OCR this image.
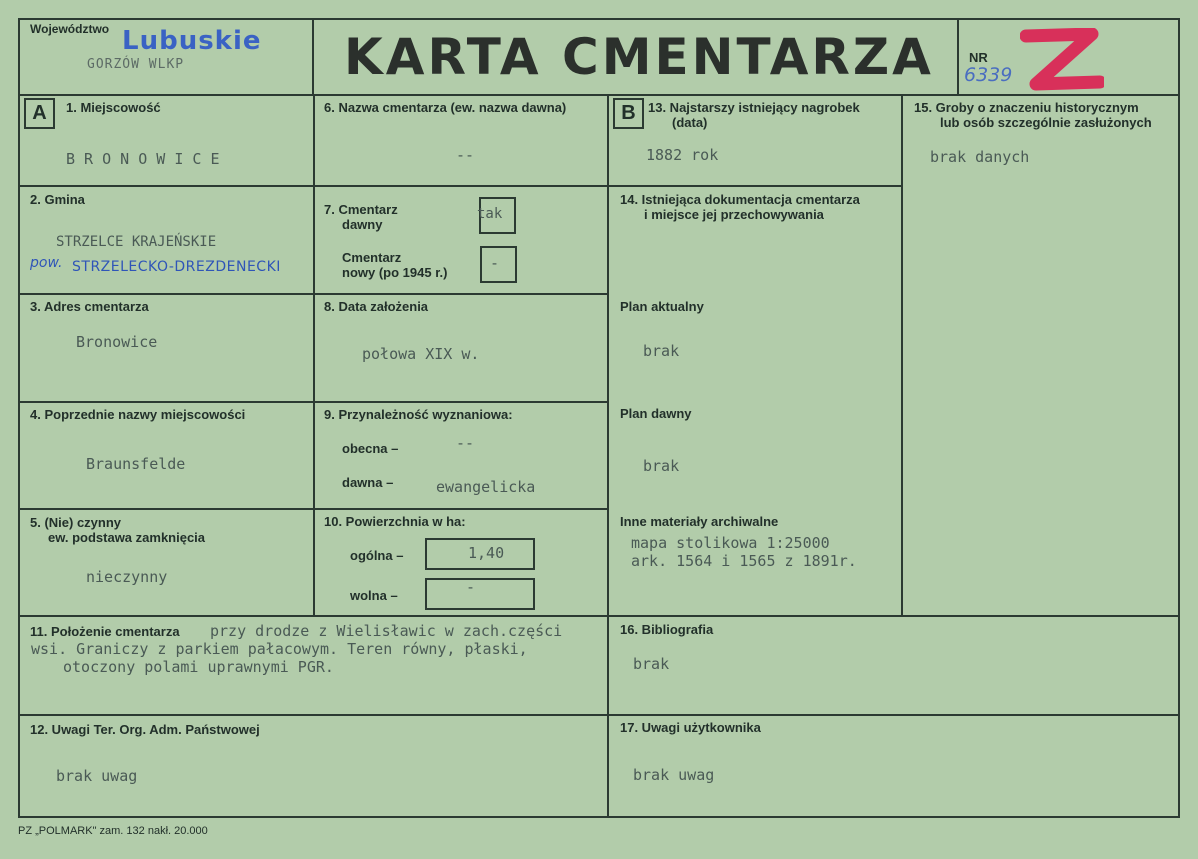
Województwo Lubuskie
GORZÓW WLKP	KARTA CMENTARZA	NR
6339
A	B
1. Miejscowość
B R O N O W I C E
2. Gmina
STRZELCE KRAJEŃSKIE
pow. STRZELECKO-DREZDENECKI
3. Adres cmentarza
Bronowice
4. Poprzednie nazwy miejscowości
Braunsfelde
5. (Nie) czynny
ew. podstawa zamknięcia
nieczynny
6. Nazwa cmentarza (ew. nazwa dawna)
--
7. Cmentarz
dawny
tak
Cmentarz
nowy (po 1945 r.)
-
8. Data założenia
połowa XIX w.
9. Przynależność wyznaniowa:
obecna –	--
dawna –	ewangelicka
10. Powierzchnia w ha:
ogólna –	1,40
wolna –	-
11. Położenie cmentarza przy drodze z Wielisławic w zach.części
wsi. Graniczy z parkiem pałacowym. Teren równy, płaski,
otoczony polami uprawnymi PGR.
12. Uwagi Ter. Org. Adm. Państwowej
brak uwag
13. Najstarszy istniejący nagrobek
(data)
1882 rok
14. Istniejąca dokumentacja cmentarza
i miejsce jej przechowywania
Plan aktualny
brak
Plan dawny
brak
Inne materiały archiwalne
mapa stolikowa 1:25000
ark. 1564 i 1565 z 1891r.
15. Groby o znaczeniu historycznym
lub osób szczególnie zasłużonych
brak danych
16. Bibliografia
brak
17. Uwagi użytkownika
brak uwag
PZ „POLMARK" zam. 132 nakł. 20.000
